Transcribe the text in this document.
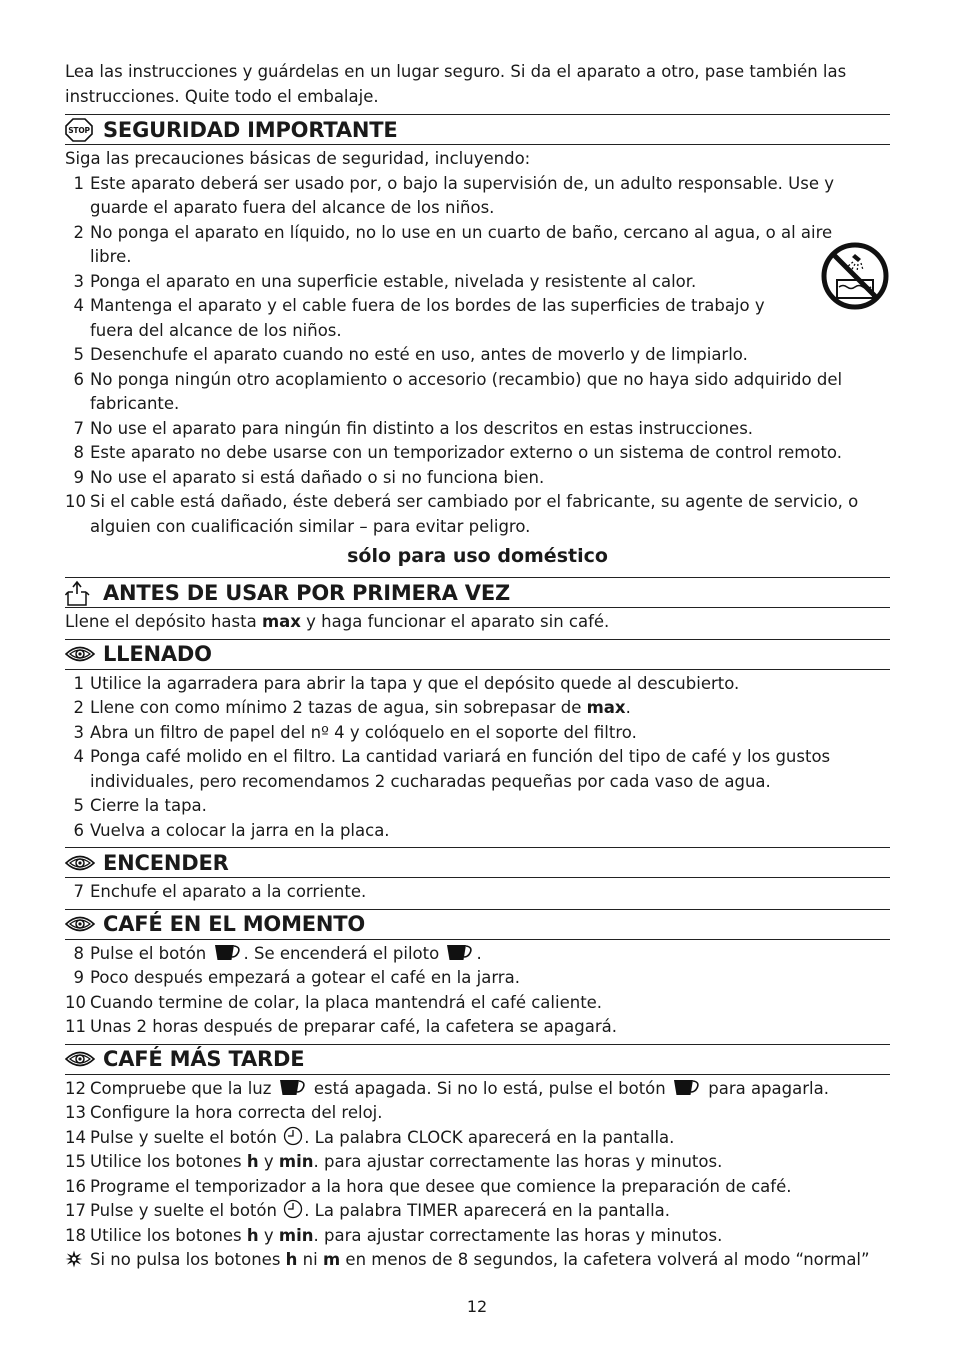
Lea las instrucciones y guárdelas en un lugar seguro. Si da el aparato a otro, pase también las instrucciones. Quite todo el embalaje.

STOP SEGURIDAD IMPORTANTE

Siga las precauciones básicas de seguridad, incluyendo:

1 Este aparato deberá ser usado por, o bajo la supervisión de, un adulto responsable. Use y guarde el aparato fuera del alcance de los niños.
2 No ponga el aparato en líquido, no lo use en un cuarto de baño, cercano al agua, o al aire libre.
3 Ponga el aparato en una superficie estable, nivelada y resistente al calor.
4 Mantenga el aparato y el cable fuera de los bordes de las superficies de trabajo y fuera del alcance de los niños.
5 Desenchufe el aparato cuando no esté en uso, antes de moverlo y de limpiarlo.
6 No ponga ningún otro acoplamiento o accesorio (recambio) que no haya sido adquirido del fabricante.
7 No use el aparato para ningún fin distinto a los descritos en estas instrucciones.
8 Este aparato no debe usarse con un temporizador externo o un sistema de control remoto.
9 No use el aparato si está dañado o si no funciona bien.
10 Si el cable está dañado, éste deberá ser cambiado por el fabricante, su agente de servicio, o alguien con cualificación similar – para evitar peligro.
sólo para uso doméstico
ANTES DE USAR POR PRIMERA VEZ

Llene el depósito hasta max y haga funcionar el aparato sin café.

LLENADO
1 Utilice la agarradera para abrir la tapa y que el depósito quede al descubierto.
2 Llene con como mínimo 2 tazas de agua, sin sobrepasar de max.
3 Abra un filtro de papel del nº 4 y colóquelo en el soporte del filtro.
4 Ponga café molido en el filtro. La cantidad variará en función del tipo de café y los gustos individuales, pero recomendamos 2 cucharadas pequeñas por cada vaso de agua.
5 Cierre la tapa.
6 Vuelva a colocar la jarra en la placa.
ENCENDER
7 Enchufe el aparato a la corriente.
CAFÉ EN EL MOMENTO
8 Pulse el botón . Se encenderá el piloto .
9 Poco después empezará a gotear el café en la jarra.
10 Cuando termine de colar, la placa mantendrá el café caliente.
11 Unas 2 horas después de preparar café, la cafetera se apagará.
CAFÉ MÁS TARDE
12 Compruebe que la luz  está apagada. Si no lo está, pulse el botón  para apagarla.
13 Configure la hora correcta del reloj.
14 Pulse y suelte el botón . La palabra CLOCK aparecerá en la pantalla.
15 Utilice los botones h y min. para ajustar correctamente las horas y minutos.
16 Programe el temporizador a la hora que desee que comience la preparación de café.
17 Pulse y suelte el botón . La palabra TIMER aparecerá en la pantalla.
18 Utilice los botones h y min. para ajustar correctamente las horas y minutos.
Si no pulsa los botones h ni m en menos de 8 segundos, la cafetera volverá al modo “normal”
12
